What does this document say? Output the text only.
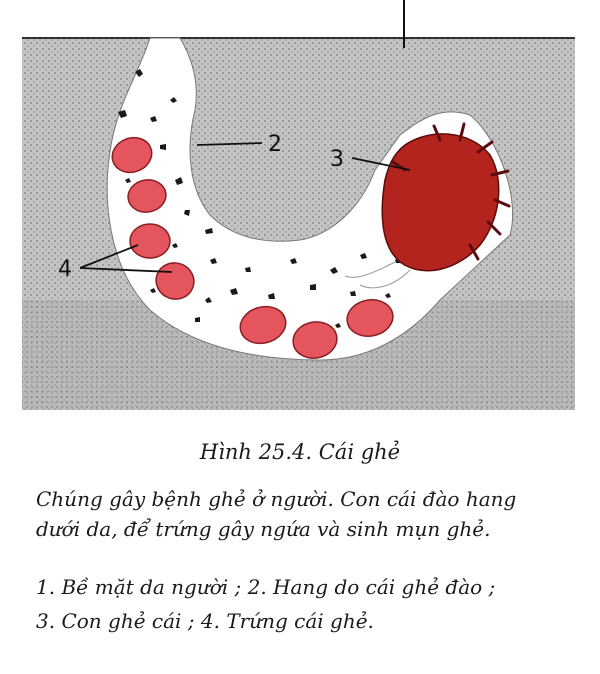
2
3
4
Hình 25.4. Cái ghẻ
Chúng gây bệnh ghẻ ở người. Con cái đào hang
dưới da, để trứng gây ngứa và sinh mụn ghẻ.
1. Bề mặt da người ; 2. Hang do cái ghẻ đào ;
3. Con ghẻ cái ; 4. Trứng cái ghẻ.
